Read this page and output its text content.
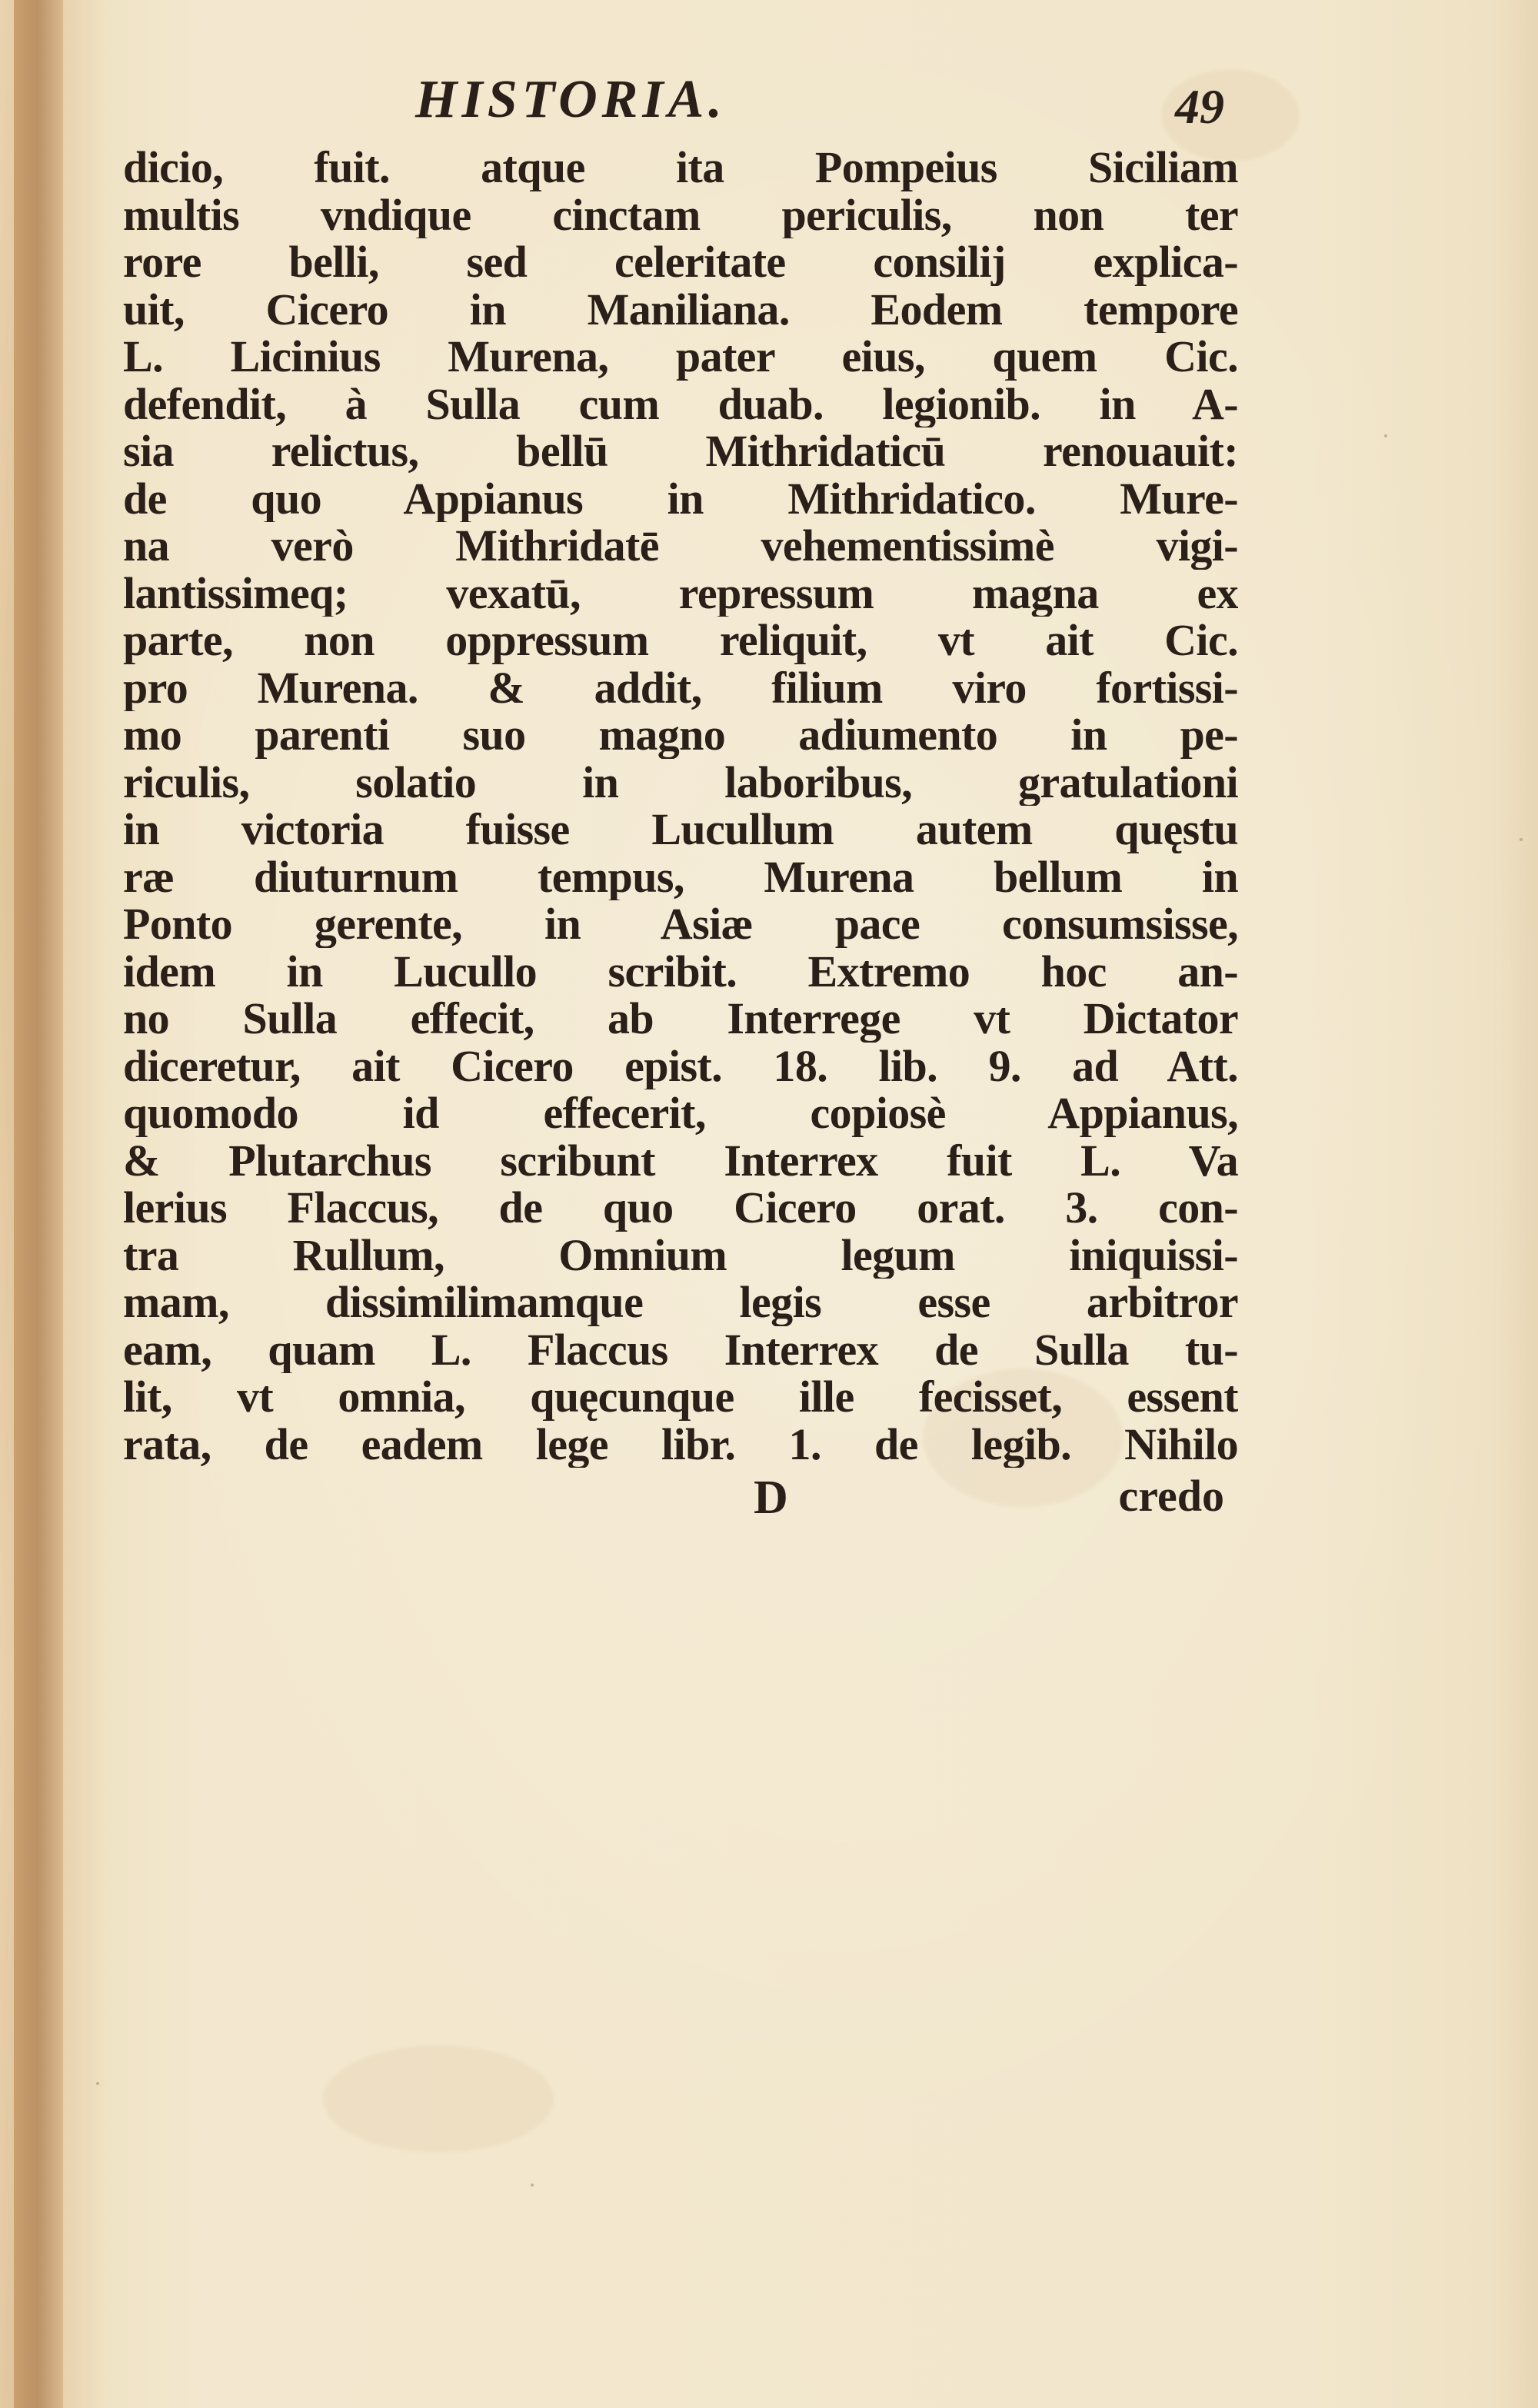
HISTORIA.	49
dicio, fuit. atque ita Pompeius Siciliam
multis vndique cinctam periculis, non ter
rore belli, sed celeritate consilij explica-
uit, Cicero in Maniliana. Eodem tempore
L. Licinius Murena, pater eius, quem Cic.
defendit, à Sulla cum duab. legionib. in A-
sia relictus, bellū Mithridaticū renouauit:
de quo Appianus in Mithridatico. Mure-
na verò Mithridatē vehementissimè vigi-
lantissimeq; vexatū, repressum magna ex
parte, non oppressum reliquit, vt ait Cic.
pro Murena. & addit, filium viro fortissi-
mo parenti suo magno adiumento in pe-
riculis, solatio in laboribus, gratulationi
in victoria fuisse Lucullum autem quęstu
ræ diuturnum tempus, Murena bellum in
Ponto gerente, in Asiæ pace consumsisse,
idem in Lucullo scribit. Extremo hoc an-
no Sulla effecit, ab Interrege vt Dictator
diceretur, ait Cicero epist. 18. lib. 9. ad Att.
quomodo id effecerit, copiosè Appianus,
& Plutarchus scribunt Interrex fuit L. Va
lerius Flaccus, de quo Cicero orat. 3. con-
tra Rullum, Omnium legum iniquissi-
mam, dissimilimamque legis esse arbitror
eam, quam L. Flaccus Interrex de Sulla tu-
lit, vt omnia, quęcunque ille fecisset, essent
rata, de eadem lege libr. 1. de legib. Nihilo
D	credo
